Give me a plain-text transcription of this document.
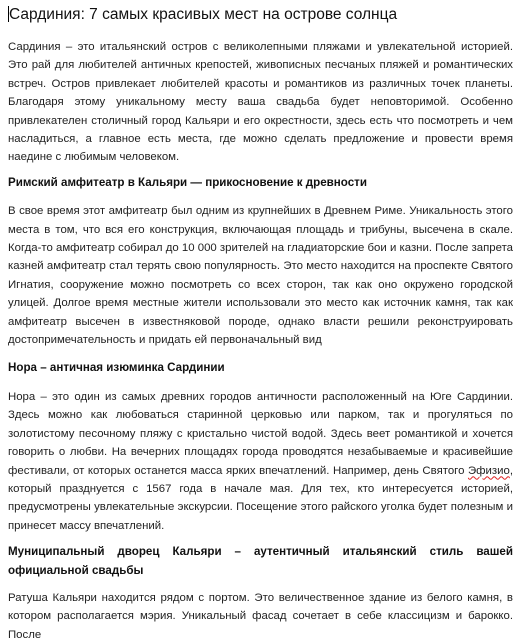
Сардиния: 7 самых красивых мест на острове солнца

Сардиния – это итальянский остров с великолепными пляжами и увлекательной историей. Это рай для любителей античных крепостей, живописных песчаных пляжей и романтических встреч. Остров привлекает любителей красоты и романтиков из различных точек планеты. Благодаря этому уникальному месту ваша свадьба будет неповторимой. Особенно привлекателен столичный город Кальяри и его окрестности, здесь есть что посмотреть и чем насладиться, а главное есть места, где можно сделать предложение и провести время наедине с любимым человеком.

Римский амфитеатр в Кальяри — прикосновение к древности

В свое время этот амфитеатр был одним из крупнейших в Древнем Риме. Уникальность этого места в том, что вся его конструкция, включающая площадь и трибуны, высечена в скале. Когда-то амфитеатр собирал до 10 000 зрителей на гладиаторские бои и казни. После запрета казней амфитеатр стал терять свою популярность. Это место находится на проспекте Святого Игнатия, сооружение можно посмотреть со всех сторон, так как оно окружено городской улицей. Долгое время местные жители использовали это место как источник камня, так как амфитеатр высечен в известняковой породе, однако власти решили реконструировать достопримечательность и придать ей первоначальный вид

Нора – античная изюминка Сардинии

Нора – это один из самых древних городов античности расположенный на Юге Сардинии. Здесь можно как любоваться старинной церковью или парком, так и прогуляться по золотистому песочному пляжу с кристально чистой водой. Здесь веет романтикой и хочется говорить о любви. На вечерних площадях города проводятся незабываемые и красивейшие фестивали, от которых останется масса ярких впечатлений. Например, день Святого Эфизио, который празднуется с 1567 года в начале мая. Для тех, кто интересуется историей, предусмотрены увлекательные экскурсии. Посещение этого райского уголка будет полезным и принесет массу впечатлений.

Муниципальный дворец Кальяри – аутентичный итальянский стиль вашей официальной свадьбы

Ратуша Кальяри находится рядом с портом. Это величественное здание из белого камня, в котором располагается мэрия. Уникальный фасад сочетает в себе классицизм и барокко. После
